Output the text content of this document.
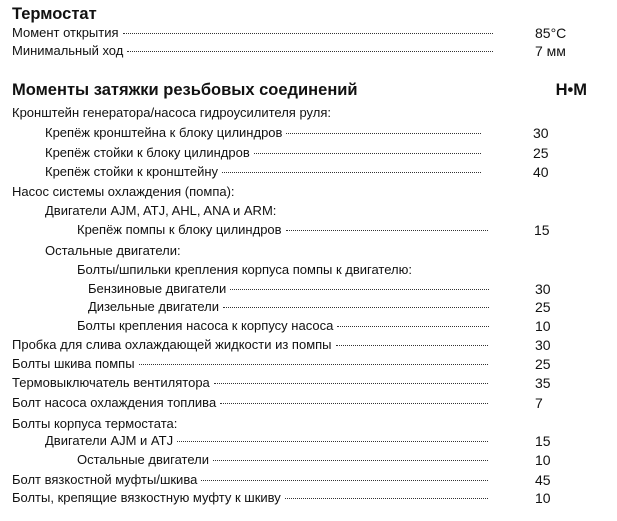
Термостат
Момент открытия	85°C
Минимальный ход	7 мм
Моменты затяжки резьбовых соединений	Н•М
Кронштейн генератора/насоса гидроусилителя руля:
Крепёж кронштейна к блоку цилиндров	30
Крепёж стойки к блоку цилиндров	25
Крепёж стойки к кронштейну	40
Насос системы охлаждения (помпа):
Двигатели AJM, ATJ, AHL, ANA и ARM:
Крепёж помпы к блоку цилиндров	15
Остальные двигатели:
Болты/шпильки крепления корпуса помпы к двигателю:
Бензиновые двигатели	30
Дизельные двигатели	25
Болты крепления насоса к корпусу насоса	10
Пробка для слива охлаждающей жидкости из помпы	30
Болты шкива помпы	25
Термовыключатель вентилятора	35
Болт насоса охлаждения топлива	7
Болты корпуса термостата:
Двигатели AJM и ATJ	15
Остальные двигатели	10
Болт вязкостной муфты/шкива	45
Болты, крепящие вязкостную муфту к шкиву	10
